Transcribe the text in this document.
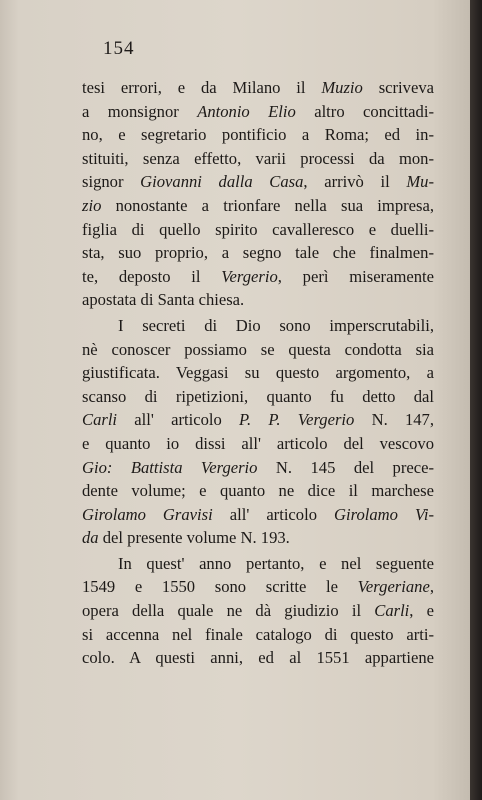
154
tesi errori, e da Milano il Muzio scriveva
a monsignor Antonio Elio altro concittadi-
no, e segretario pontificio a Roma; ed in-
stituiti, senza effetto, varii processi da mon-
signor Giovanni dalla Casa, arrivò il Mu-
zio nonostante a trionfare nella sua impresa,
figlia di quello spirito cavalleresco e duelli-
sta, suo proprio, a segno tale che finalmen-
te, deposto il Vergerio, perì miseramente
apostata di Santa chiesa.
I secreti di Dio sono imperscrutabili,
nè conoscer possiamo se questa condotta sia
giustificata. Veggasi su questo argomento, a
scanso di ripetizioni, quanto fu detto dal
Carli all' articolo P. P. Vergerio N. 147,
e quanto io dissi all' articolo del vescovo
Gio: Battista Vergerio N. 145 del prece-
dente volume; e quanto ne dice il marchese
Girolamo Gravisi all' articolo Girolamo Vi-
da del presente volume N. 193.
In quest' anno pertanto, e nel seguente
1549 e 1550 sono scritte le Vergeriane,
opera della quale ne dà giudizio il Carli, e
si accenna nel finale catalogo di questo arti-
colo. A questi anni, ed al 1551 appartiene
